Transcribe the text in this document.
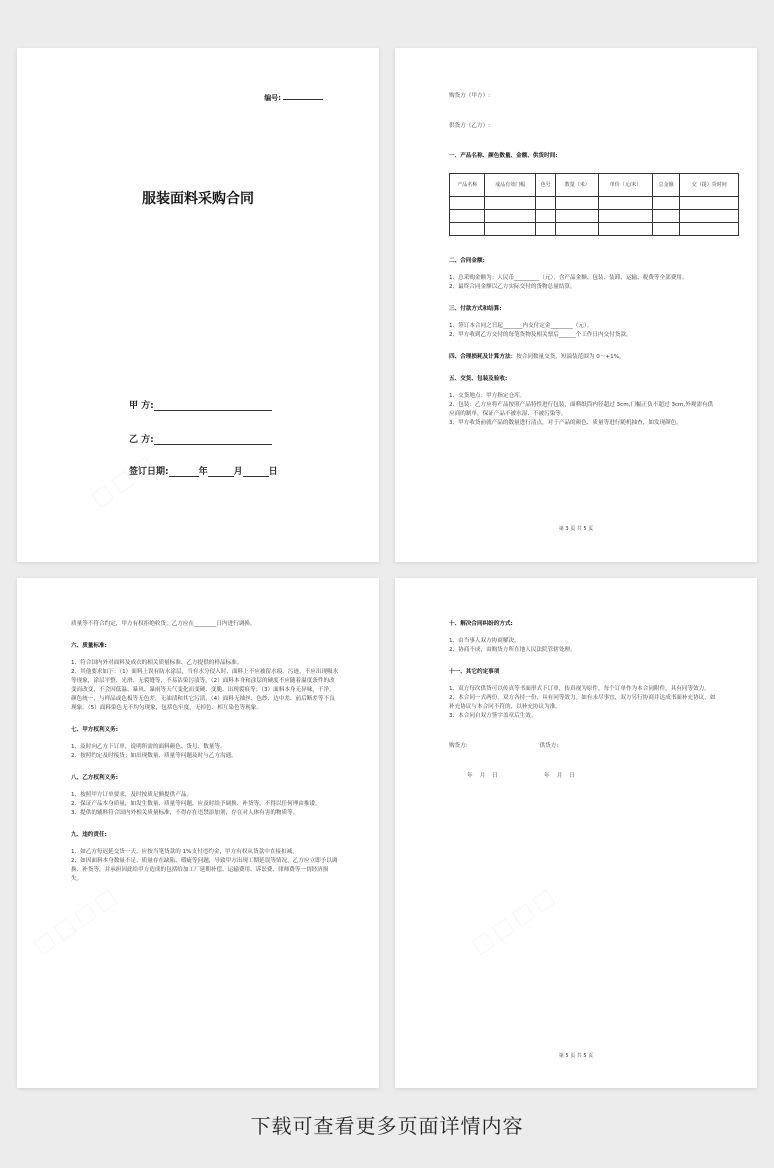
编号:
服装面料采购合同
甲 方:
乙 方:
签订日期:	年	月	日

购货方（甲方）:

供货方（乙方）:

一、产品名称、颜色数量、金额、供货时间:

产品名称	成品有效门幅	色号	数量（米）	单价（元/米）	总金额	交（提）货时间

二、合同金额:

1、总采购金额为：人民币_________（元），含产品金额、包装、装卸、运输、税费等全部费用。

2、最终合同金额以乙方实际交付的货物总量结算。

三、付款方式和结算:

1、签订本合同之日起_______内支付定金________（元）。

2、甲方收到乙方交付的每笔货物及相关票后______个工作日内交付货款。

四、合理损耗及计算方法：按合同数量交货，短溢装范围为 0～+1%。

五、交货、包装及验收:

1、交货地点：甲方指定仓库。

2、包装：乙方应将产品按照产品特性进行包装，面料纸筒内径超过 3cm,门幅正负不超过 3cm,外观需有供应商的制单，保证产品不被水湿、不被污染等。

3、甲方收货前就产品的数量进行清点，对于产品的颜色、质量等进行随机抽查，如发现颜色。

第 3 页 共 5 页

质量等不符合约定，甲方有权拒绝收货，乙方应在________日内进行调换。

六、质量标准:

1、符合国内外对面料及成衣的相关质量标准、乙方提供的样品标准。

2、其他要求如下：（1）面料上误有防水涂层，当有水分侵入时，面料上不应被留水痕、污迹，不应出现吸水等现象，涂层平整、光滑、无裂缝等，不易沾染污渍等。（2）面料本身和涂层的硬度不应随着温度条件的改变而改变，不会因低温、暴风、暴雨等天气变化而变硬、变脆、出现裂痕等；（3）面料本身无异味，干净，颜色统一，与样品或色板等无色差，无油渍和其它污渍，（4）面料无抽丝、色纱、边中差、前后断差等不良现象。（5）面料染色无不均匀现象，包括色牢度，无掉色、相互染色等现象。

七、甲方权利义务:

1、及时向乙方下订单，说明所需的面料颜色、货号、数量等。

2、按照约定及时接货；如出现数量、质量等问题及时与乙方沟通。

八、乙方权利义务:

1、按照甲方订单要求，及时按质足额提供产品。

2、保证产品本身质量，如发生数量、质量等问题，应及时给予调换、补货等，不得以任何理由推诿。

3、提供的辅料符合国内外相关质量标准，不得存在违禁添加剂，存在对人体有害的物质等。

九、违约责任:

1、如乙方每迟延交货一天，应按当笔货款的 1%支付违约金，甲方有权从货款中直接扣减。

2、如因面料本身数量不足、质量存在缺陷、瑕疵等问题，导致甲方出现工期延误等情况，乙方应立即予以调换、补货等，并承担因此给甲方造成的包括给加工厂延期补偿、运输费用、诉讼费、律师费等一切经济损失。

十、解决合同纠纷的方式:

1、由当事人双方协商解决。

2、协商不成，由购货方所在地人民法院管辖处理。

十一、其它约定事项

1、双方每次供货可以传真等书面形式下订单，传真视为原件，每个订单作为本合同附件，具有同等效力。

2、本合同一式两份，双方各持一份，具有同等效力。如有未尽事宜，双方另行协商并达成书面补充协议，如补充协议与本合同不符的，以补充协议为准。

3、本合同自双方签字盖章后生效。

购货方:	供货方:

年    月    日	年    月    日

第 5 页 共 5 页
下载可查看更多页面详情内容
